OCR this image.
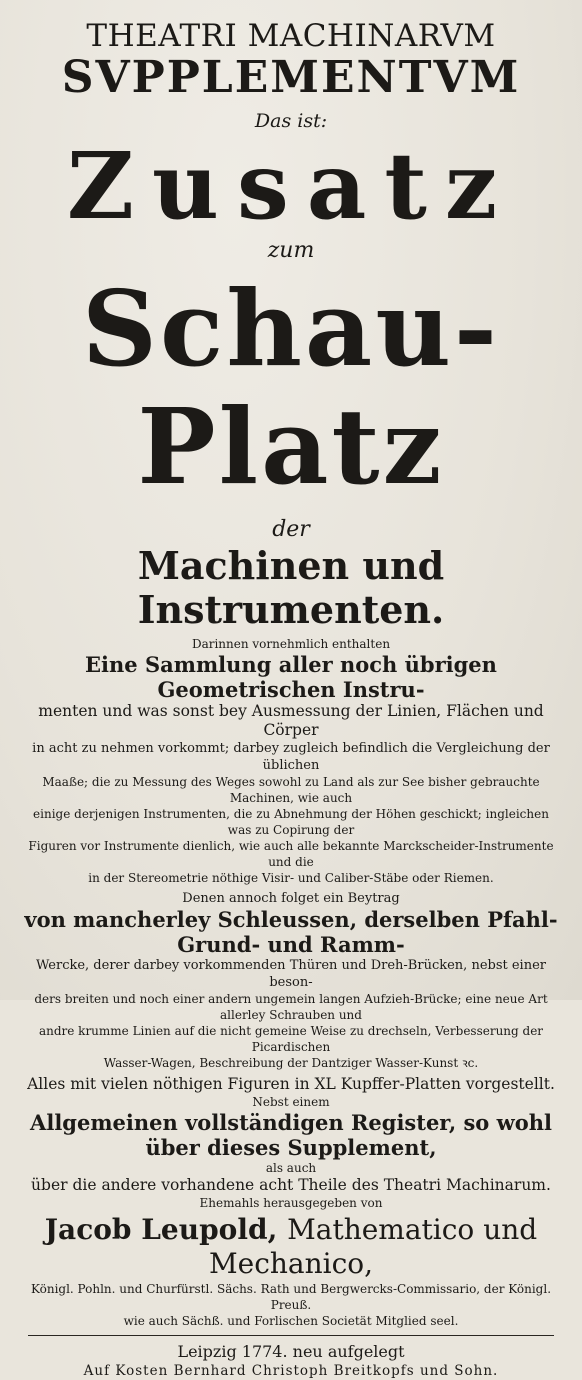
THEATRI MACHINARVM
SVPPLEMENTVM
Das ist:
Zusatz
zum
Schau-Platz
der
Machinen und Instrumenten.
Darinnen vornehmlich enthalten
Eine Sammlung aller noch übrigen Geometrischen Instru-
menten und was sonst bey Ausmessung der Linien, Flächen und Cörper
in acht zu nehmen vorkommt; darbey zugleich befindlich die Vergleichung der üblichen
Maaße; die zu Messung des Weges sowohl zu Land als zur See bisher gebrauchte Machinen, wie auch
einige derjenigen Instrumenten, die zu Abnehmung der Höhen geschickt; ingleichen was zu Copirung der
Figuren vor Instrumente dienlich, wie auch alle bekannte Marckscheider-Instrumente und die
in der Stereometrie nöthige Visir- und Caliber-Stäbe oder Riemen.
Denen annoch folget ein Beytrag
von mancherley Schleussen, derselben Pfahl-Grund- und Ramm-
Wercke, derer darbey vorkommenden Thüren und Dreh-Brücken, nebst einer beson-
ders breiten und noch einer andern ungemein langen Aufzieh-Brücke; eine neue Art allerley Schrauben und
andre krumme Linien auf die nicht gemeine Weise zu drechseln, Verbesserung der Picardischen
Wasser-Wagen, Beschreibung der Dantziger Wasser-Kunst ꝛc.
Alles mit vielen nöthigen Figuren in XL Kupffer-Platten vorgestellt.
Nebst einem
Allgemeinen vollständigen Register, so wohl über dieses Supplement,
als auch
über die andere vorhandene acht Theile des Theatri Machinarum.
Ehemahls herausgegeben von
Jacob Leupold, Mathematico und Mechanico,
Königl. Pohln. und Churfürstl. Sächs. Rath und Bergwercks-Commissario, der Königl. Preuß.
wie auch Sächß. und Forlischen Societät Mitglied seel.
Leipzig 1774. neu aufgelegt
Auf Kosten Bernhard Christoph Breitkopfs und Sohn.
